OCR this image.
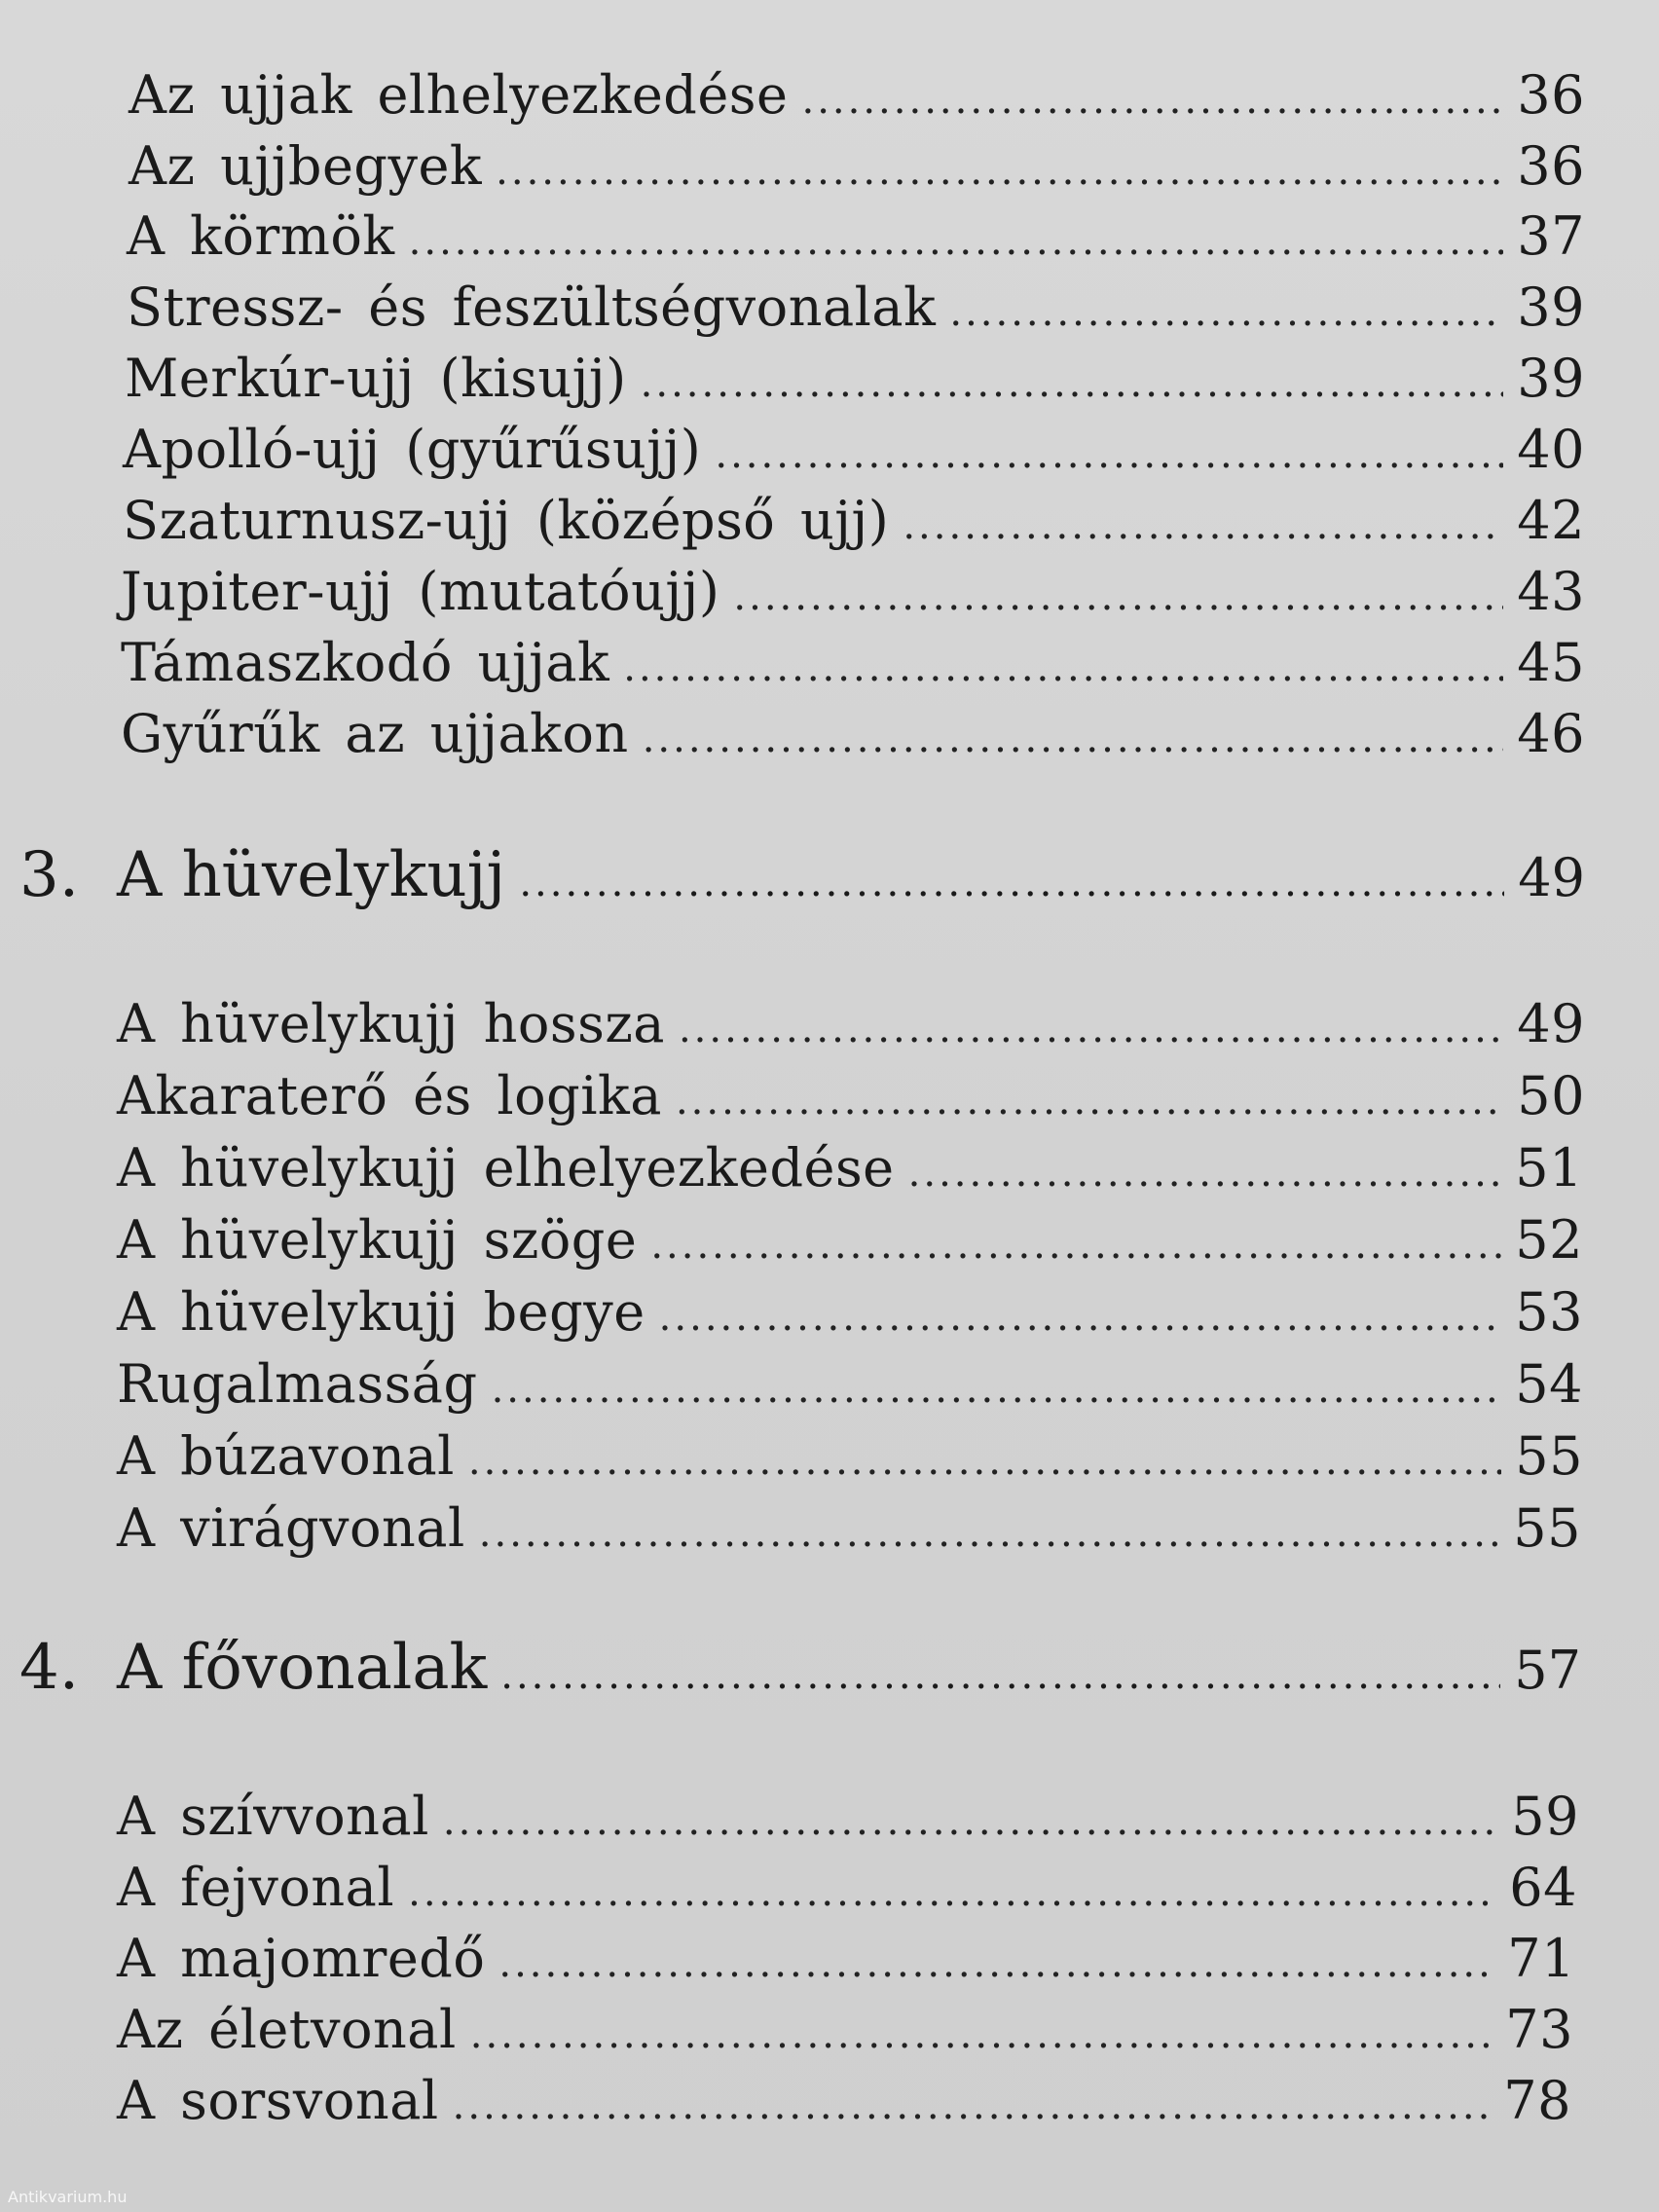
Az ujjak elhelyezkedése .....	36
Az ujjbegyek .....	36
A körmök .....	37
Stressz- és feszültségvonalak .....	39
Merkúr-ujj (kisujj) .....	39
Apolló-ujj (gyűrűsujj) .....	40
Szaturnusz-ujj (középső ujj) .....	42
Jupiter-ujj (mutatóujj) .....	43
Támaszkodó ujjak .....	45
Gyűrűk az ujjakon .....	46
3. A hüvelykujj .....	49
A hüvelykujj hossza .....	49
Akaraterő és logika .....	50
A hüvelykujj elhelyezkedése .....	51
A hüvelykujj szöge .....	52
A hüvelykujj begye .....	53
Rugalmasság .....	54
A búzavonal .....	55
A virágvonal .....	55
4. A fővonalak .....	57
A szívvonal .....	59
A fejvonal .....	64
A majomredő .....	71
Az életvonal .....	73
A sorsvonal .....	78
Antikvarium.hu
